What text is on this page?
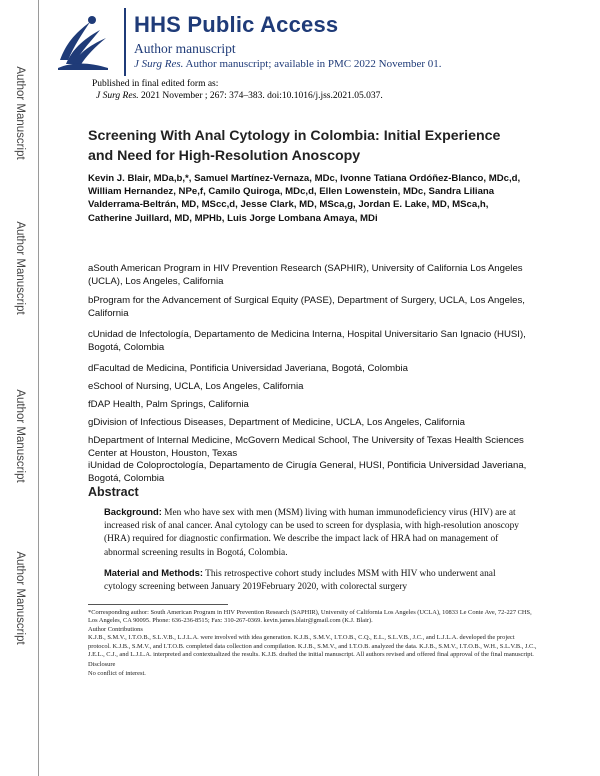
Author Manuscript
Author Manuscript
Author Manuscript
Author Manuscript
HHS Public Access
Author manuscript
J Surg Res. Author manuscript; available in PMC 2022 November 01.
Published in final edited form as:
J Surg Res. 2021 November ; 267: 374–383. doi:10.1016/j.jss.2021.05.037.
Screening With Anal Cytology in Colombia: Initial Experience and Need for High-Resolution Anoscopy
Kevin J. Blair, MDa,b,*, Samuel Martínez-Vernaza, MDc, Ivonne Tatiana Ordóñez-Blanco, MDc,d, William Hernandez, NPe,f, Camilo Quiroga, MDc,d, Ellen Lowenstein, MDc, Sandra Liliana Valderrama-Beltrán, MD, MScc,d, Jesse Clark, MD, MSca,g, Jordan E. Lake, MD, MSca,h, Catherine Juillard, MD, MPHb, Luis Jorge Lombana Amaya, MDi
aSouth American Program in HIV Prevention Research (SAPHIR), University of California Los Angeles (UCLA), Los Angeles, California
bProgram for the Advancement of Surgical Equity (PASE), Department of Surgery, UCLA, Los Angeles, California
cUnidad de Infectología, Departamento de Medicina Interna, Hospital Universitario San Ignacio (HUSI), Bogotá, Colombia
dFacultad de Medicina, Pontificia Universidad Javeriana, Bogotá, Colombia
eSchool of Nursing, UCLA, Los Angeles, California
fDAP Health, Palm Springs, California
gDivision of Infectious Diseases, Department of Medicine, UCLA, Los Angeles, California
hDepartment of Internal Medicine, McGovern Medical School, The University of Texas Health Sciences Center at Houston, Houston, Texas
iUnidad de Coloproctología, Departamento de Cirugía General, HUSI, Pontificia Universidad Javeriana, Bogotá, Colombia
Abstract
Background: Men who have sex with men (MSM) living with human immunodeficiency virus (HIV) are at increased risk of anal cancer. Anal cytology can be used to screen for dysplasia, with high-resolution anoscopy (HRA) required for diagnostic confirmation. We describe the impact lack of HRA had on management of abnormal screening results in Bogotá, Colombia.
Material and Methods: This retrospective cohort study includes MSM with HIV who underwent anal cytology screening between January 2019February 2020, with colorectal surgery
*Corresponding author: South American Program in HIV Prevention Research (SAPHIR), University of California Los Angeles (UCLA), 10833 Le Conte Ave, 72-227 CHS, Los Angeles, CA 90095. Phone: 636-236-8515; Fax: 310-267-0369. kevin.james.blair@gmail.com (K.J. Blair).
Author Contributions
K.J.B., S.M.V., I.T.O.B., S.L.V.B., L.J.L.A. were involved with idea generation. K.J.B., S.M.V., I.T.O.B., C.Q., E.L., S.L.V.B., J.C., and L.J.L.A. developed the project protocol. K.J.B., S.M.V., and I.T.O.B. completed data collection and compilation. K.J.B., S.M.V., and I.T.O.B. analyzed the data. K.J.B., S.M.V., I.T.O.B., W.H., S.L.V.B., J.C., J.E.L., C.J., and L.J.L.A. interpreted and contextualized the results. K.J.B. drafted the initial manuscript. All authors revised and offered final approval of the final manuscript.
Disclosure
No conflict of interest.
